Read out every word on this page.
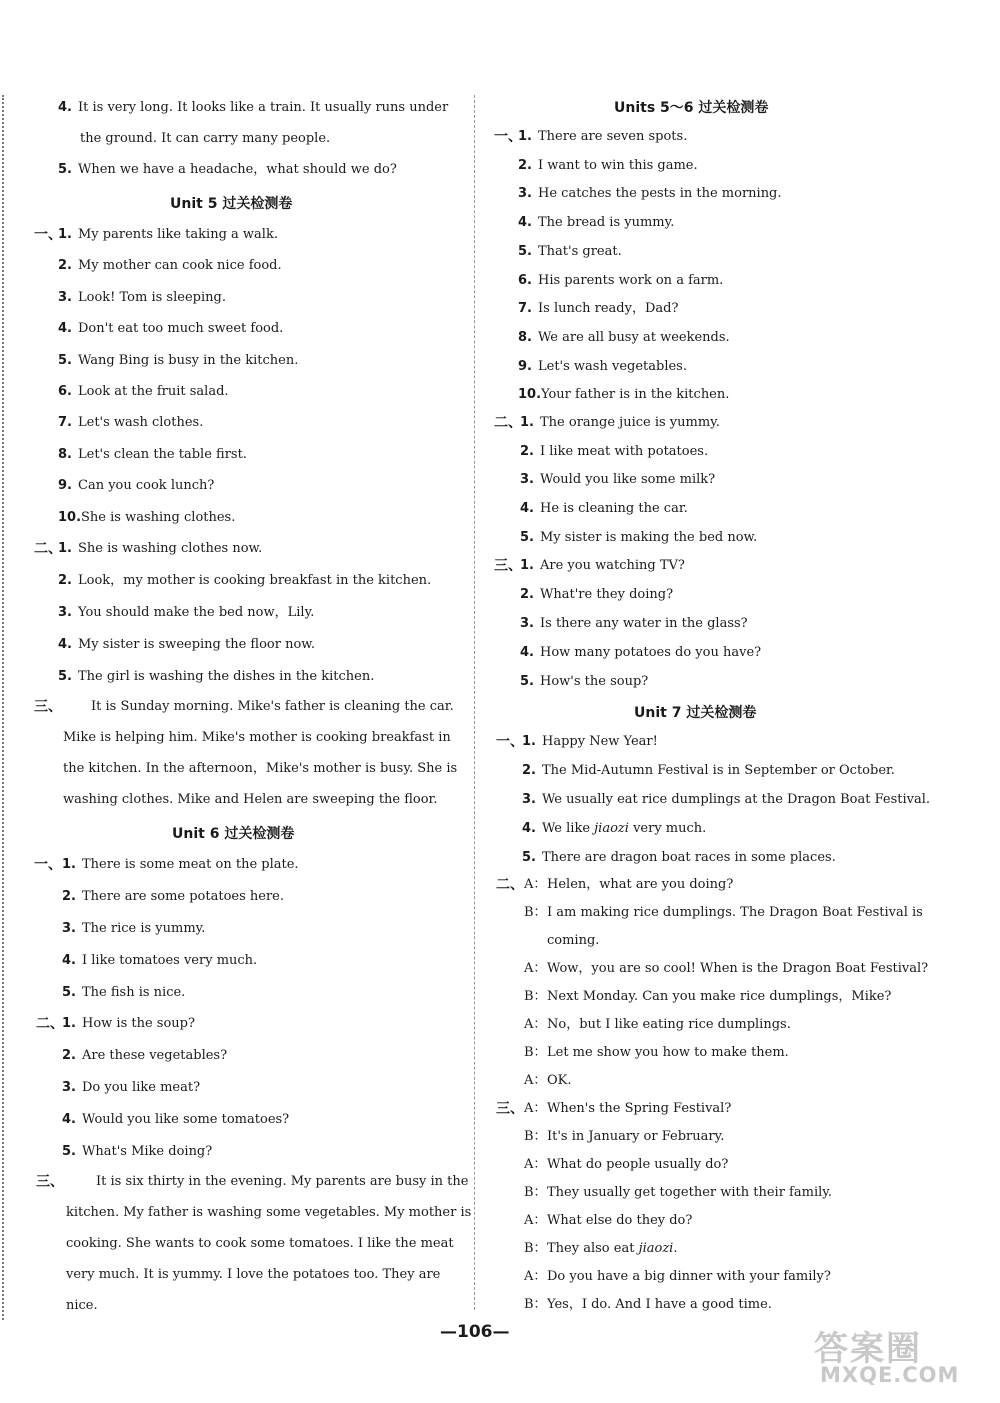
4. It is very long. It looks like a train. It usually runs under
the ground. It can carry many people.
5. When we have a headache，what should we do?
Unit 5 过关检测卷
1. My parents like taking a walk.
一、
2. My mother can cook nice food.
3. Look! Tom is sleeping.
4. Don't eat too much sweet food.
5. Wang Bing is busy in the kitchen.
6. Look at the fruit salad.
7. Let's wash clothes.
8. Let's clean the table first.
9. Can you cook lunch?
10.She is washing clothes.
1. She is washing clothes now.
二、
2. Look，my mother is cooking breakfast in the kitchen.
3. You should make the bed now，Lily.
4. My sister is sweeping the floor now.
5. The girl is washing the dishes in the kitchen.
三、 It is Sunday morning. Mike's father is cleaning the car.
Mike is helping him. Mike's mother is cooking breakfast in
the kitchen. In the afternoon，Mike's mother is busy. She is
washing clothes. Mike and Helen are sweeping the floor.
Unit 6 过关检测卷
1. There is some meat on the plate.
一、
2. There are some potatoes here.
3. The rice is yummy.
4. I like tomatoes very much.
5. The fish is nice.
1. How is the soup?
二、
2. Are these vegetables?
3. Do you like meat?
4. Would you like some tomatoes?
5. What's Mike doing?
三、 It is six thirty in the evening. My parents are busy in the
kitchen. My father is washing some vegetables. My mother is
cooking. She wants to cook some tomatoes. I like the meat
very much. It is yummy. I love the potatoes too. They are
nice.
Units 5～6 过关检测卷
1. There are seven spots.
一、
2. I want to win this game.
3. He catches the pests in the morning.
4. The bread is yummy.
5. That's great.
6. His parents work on a farm.
7. Is lunch ready，Dad?
8. We are all busy at weekends.
9. Let's wash vegetables.
10.Your father is in the kitchen.
1. The orange juice is yummy.
二、
2. I like meat with potatoes.
3. Would you like some milk?
4. He is cleaning the car.
5. My sister is making the bed now.
1. Are you watching TV?
三、
2. What're they doing?
3. Is there any water in the glass?
4. How many potatoes do you have?
5. How's the soup?
Unit 7 过关检测卷
1. Happy New Year!
一、
2. The Mid-Autumn Festival is in September or October.
3. We usually eat rice dumplings at the Dragon Boat Festival.
4. We like jiaozi very much.
5. There are dragon boat races in some places.
二、 A： Helen，what are you doing?
B： I am making rice dumplings. The Dragon Boat Festival is
coming.
A： Wow，you are so cool! When is the Dragon Boat Festival?
B： Next Monday. Can you make rice dumplings，Mike?
A： No，but I like eating rice dumplings.
B： Let me show you how to make them.
A： OK.
三、 A： When's the Spring Festival?
B： It's in January or February.
A： What do people usually do?
B： They usually get together with their family.
A： What else do they do?
B： They also eat jiaozi.
A： Do you have a big dinner with your family?
B： Yes，I do. And I have a good time.
—106—	答案圈
MXQE.COM
